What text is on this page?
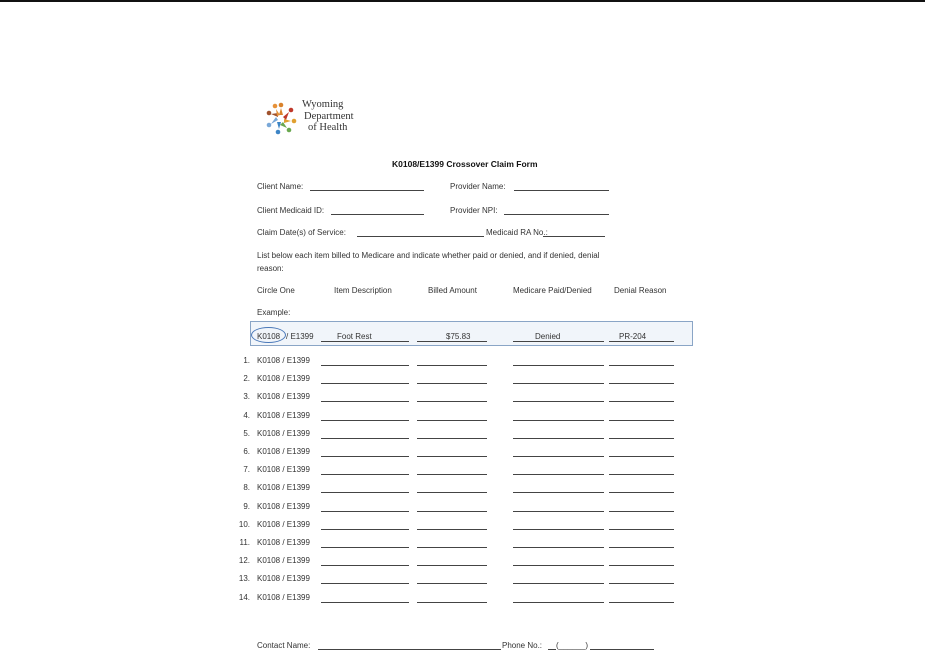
Wyoming
Department
of Health
K0108/E1399 Crossover Claim Form
Client Name:	Provider Name:
Client Medicaid ID:	Provider NPI:
Claim Date(s) of Service:	Medicaid RA No.:
List below each item billed to Medicare and indicate whether paid or denied, and if denied, denial
reason:
Circle One	Item Description	Billed Amount	Medicare Paid/Denied	Denial Reason
Example:
K0108 / E1399	Foot Rest	$75.83	Denied	PR-204
1. K0108 / E1399
2. K0108 / E1399
3. K0108 / E1399
4. K0108 / E1399
5. K0108 / E1399
6. K0108 / E1399
7. K0108 / E1399
8. K0108 / E1399
9. K0108 / E1399
10. K0108 / E1399
11. K0108 / E1399
12. K0108 / E1399
13. K0108 / E1399
14. K0108 / E1399
Contact Name:	Phone No.: (______)
